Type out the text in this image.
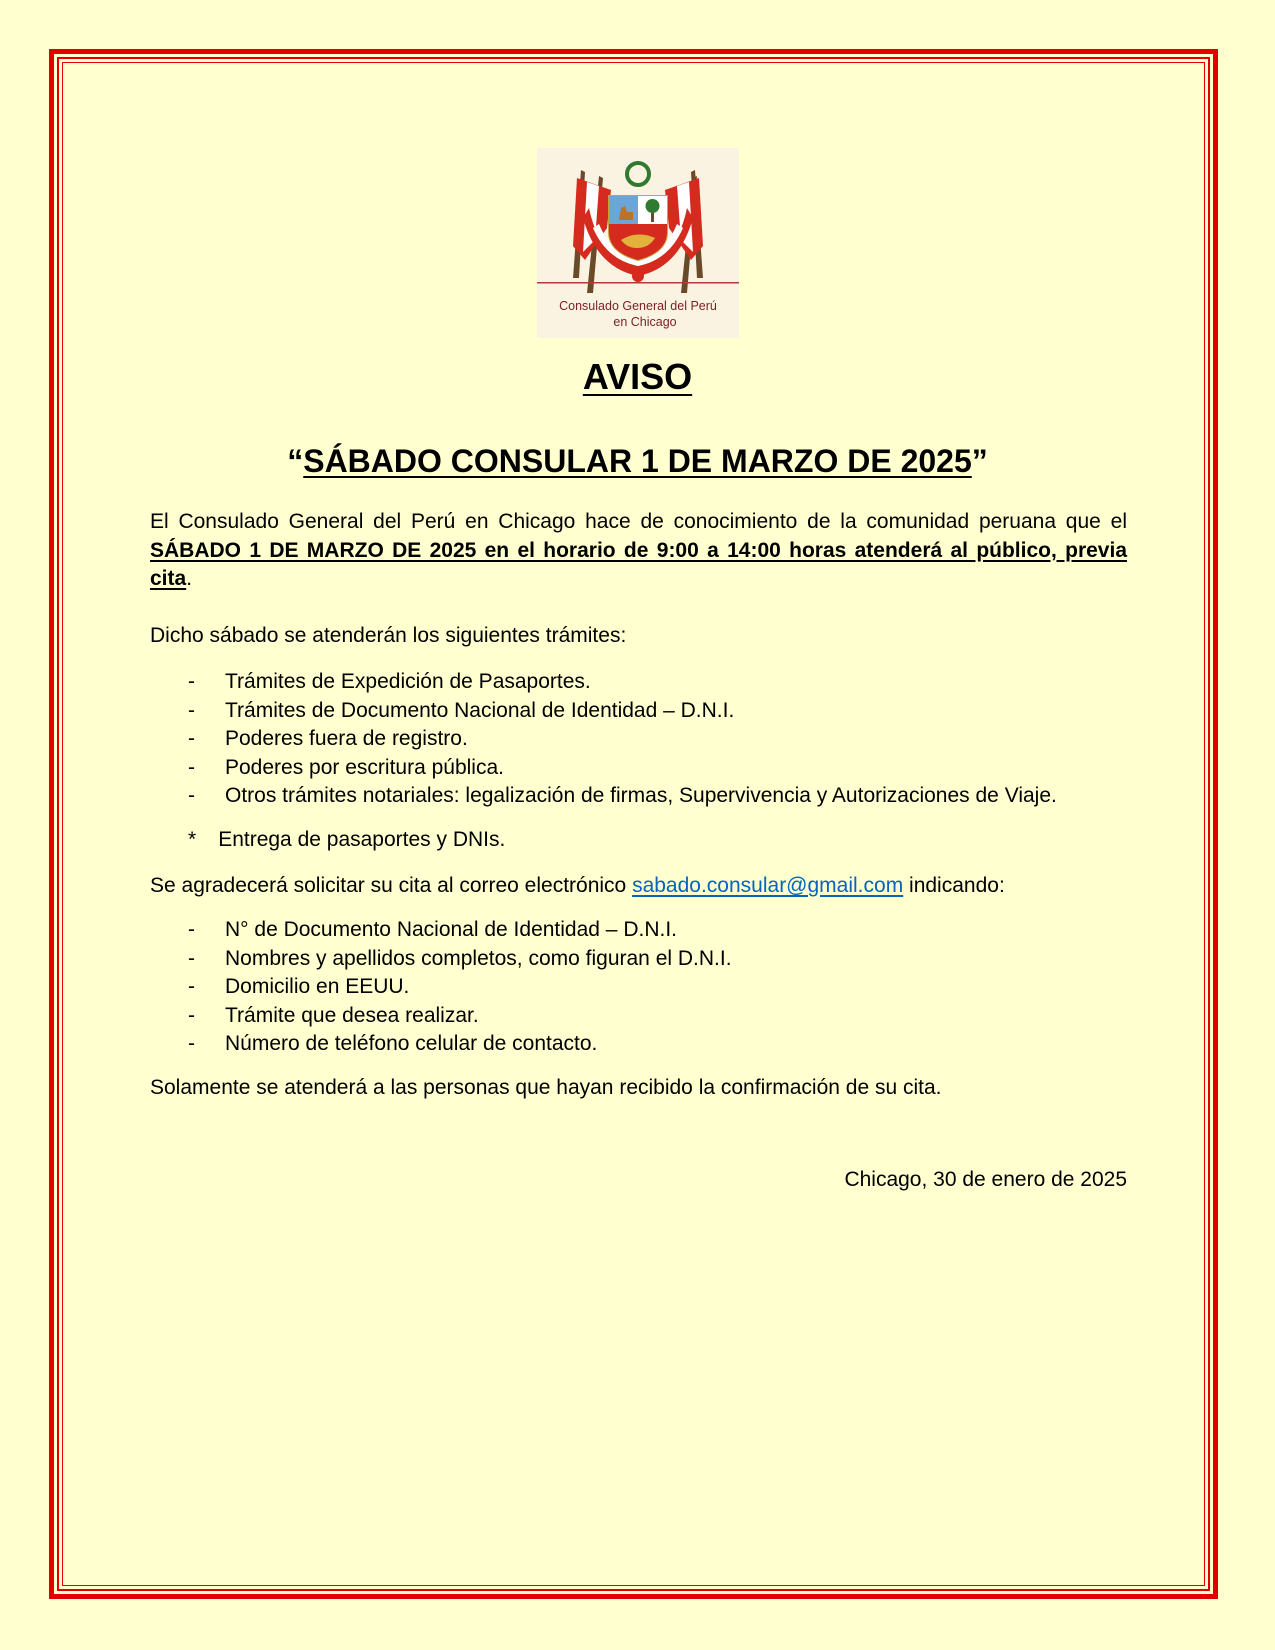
Consulado General del Perú
en Chicago
AVISO
“SÁBADO CONSULAR 1 DE MARZO DE 2025”
El Consulado General del Perú en Chicago hace de conocimiento de la comunidad peruana que el SÁBADO 1 DE MARZO DE 2025 en el horario de 9:00 a 14:00 horas atenderá al público, previa cita.
Dicho sábado se atenderán los siguientes trámites:
- Trámites de Expedición de Pasaportes.
- Trámites de Documento Nacional de Identidad – D.N.I.
- Poderes fuera de registro.
- Poderes por escritura pública.
- Otros trámites notariales: legalización de firmas, Supervivencia y Autorizaciones de Viaje.
* Entrega de pasaportes y DNIs.
Se agradecerá solicitar su cita al correo electrónico sabado.consular@gmail.com indicando:
- N° de Documento Nacional de Identidad – D.N.I.
- Nombres y apellidos completos, como figuran el D.N.I.
- Domicilio en EEUU.
- Trámite que desea realizar.
- Número de teléfono celular de contacto.
Solamente se atenderá a las personas que hayan recibido la confirmación de su cita.
Chicago, 30 de enero de 2025
